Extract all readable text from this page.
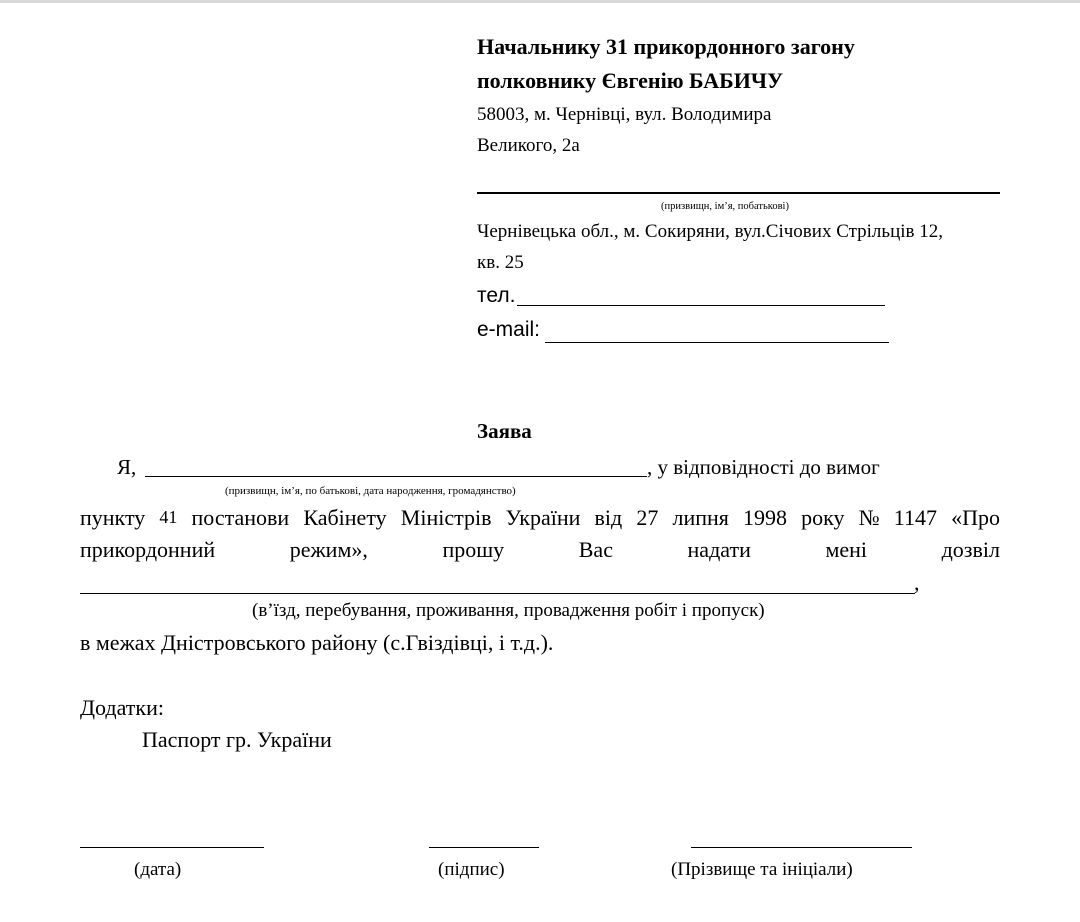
Начальнику 31 прикордонного загону
полковнику Євгенію БАБИЧУ
58003, м. Чернівці, вул. Володимира
Великого, 2а
(призвищн, ім’я, побатькові)
Чернівецька обл., м. Сокиряни, вул.Січових Стрільців 12,
кв. 25
тел.
e-mail:
Заява
Я,	, у відповідності до вимог
(призвищн, ім’я, по батькові, дата народження, громадянство)
пункту 41 постанови Кабінету Міністрів України від 27 липня 1998 року № 1147 «Про
прикордонний	режим»,	прошу	Вас	надати	мені	дозвіл
,
(в’їзд, перебування, проживання, провадження робіт і пропуск)
в межах Дністровського району (с.Гвіздівці, і т.д.).
Додатки:
Паспорт гр. України
(дата)	(підпис)	(Прізвище та ініціали)
